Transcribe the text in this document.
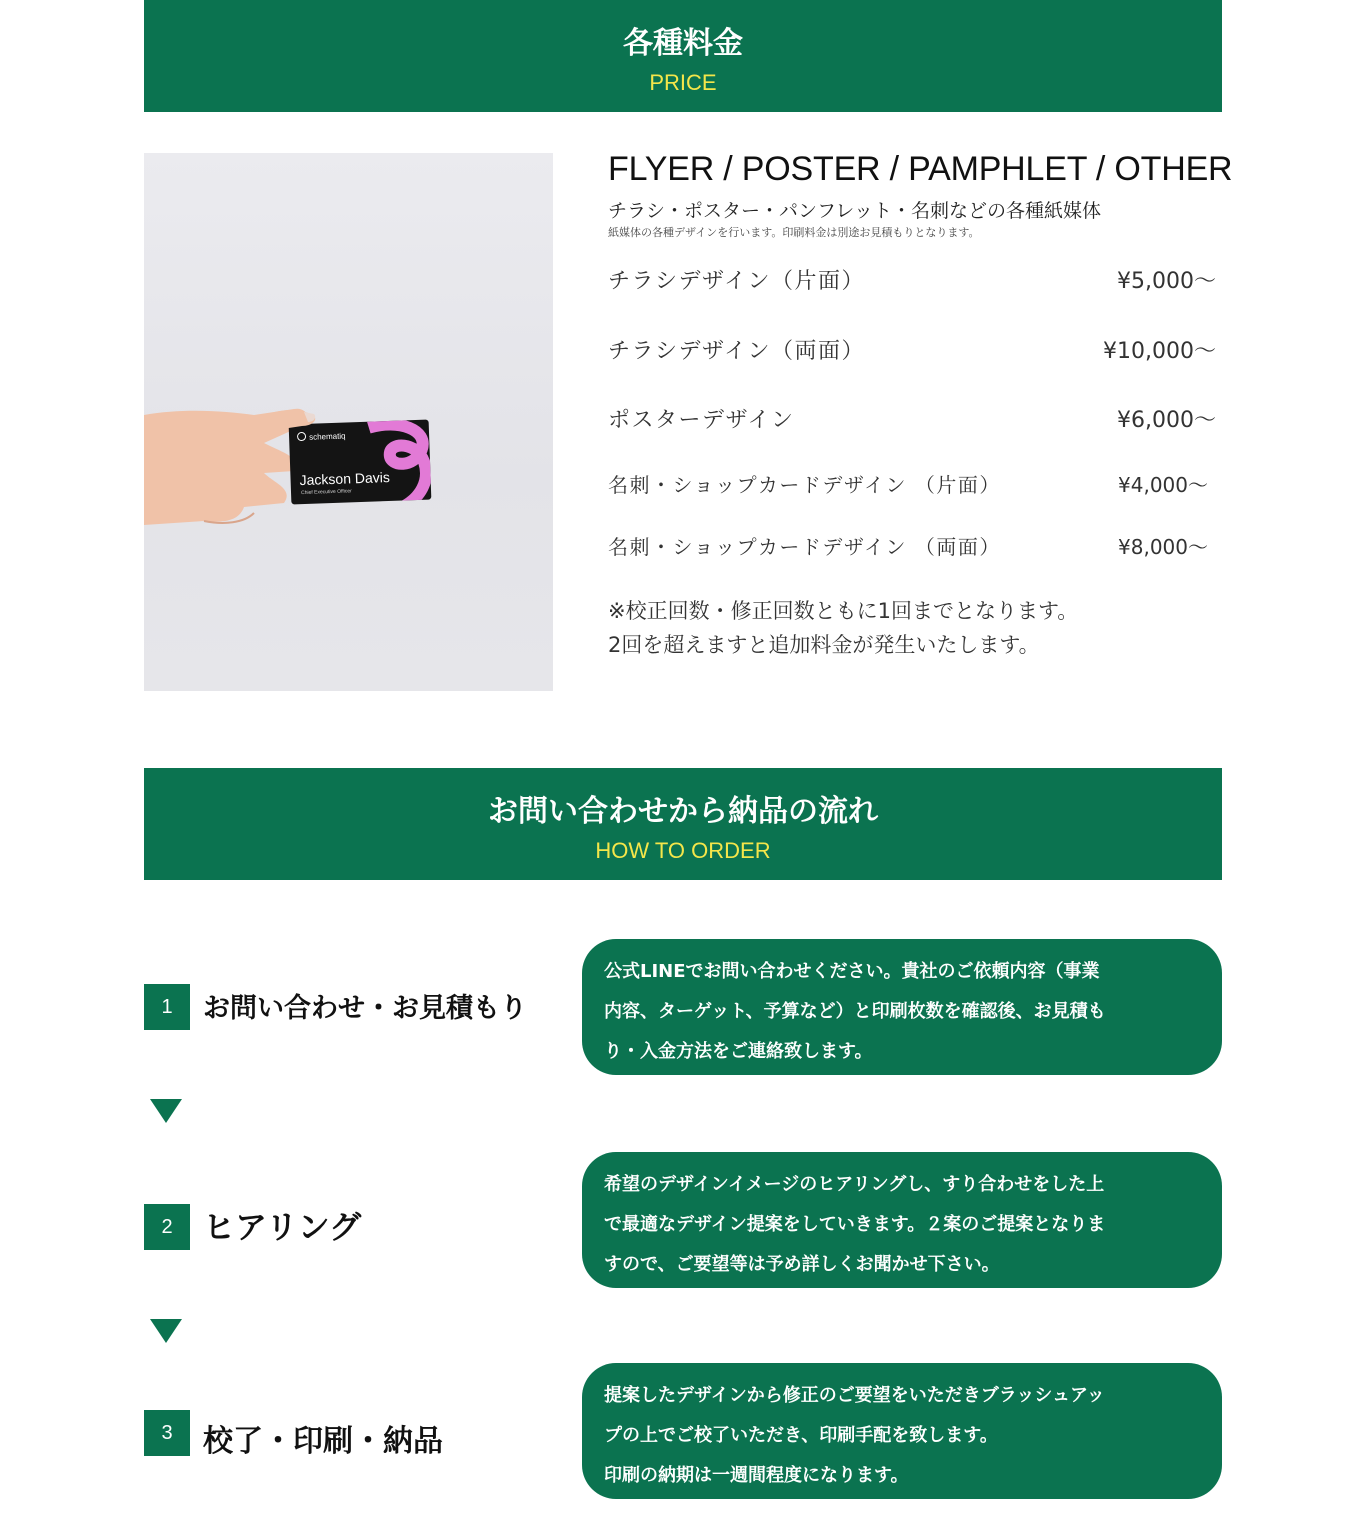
各種料金
PRICE
schematiq
Jackson Davis
Chief Executive Officer
FLYER / POSTER / PAMPHLET / OTHER
チラシ・ポスター・パンフレット・名刺などの各種紙媒体
紙媒体の各種デザインを行います。印刷料金は別途お見積もりとなります。
チラシデザイン（片面）	¥5,000〜
チラシデザイン（両面）	¥10,000〜
ポスターデザイン	¥6,000〜
名刺・ショップカードデザイン （片面）	¥4,000〜
名刺・ショップカードデザイン （両面）	¥8,000〜
※校正回数・修正回数ともに1回までとなります。
2回を超えますと追加料金が発生いたします。
お問い合わせから納品の流れ
HOW TO ORDER
1	お問い合わせ・お見積もり
公式LINEでお問い合わせください。貴社のご依頼内容（事業
内容、ターゲット、予算など）と印刷枚数を確認後、お見積も
り・入金方法をご連絡致します。
2 ヒアリング
希望のデザインイメージのヒアリングし、すり合わせをした上
で最適なデザイン提案をしていきます。２案のご提案となりま
すので、ご要望等は予め詳しくお聞かせ下さい。
3	校了・印刷・納品
提案したデザインから修正のご要望をいただきブラッシュアッ
プの上でご校了いただき、印刷手配を致します。
印刷の納期は一週間程度になります。
